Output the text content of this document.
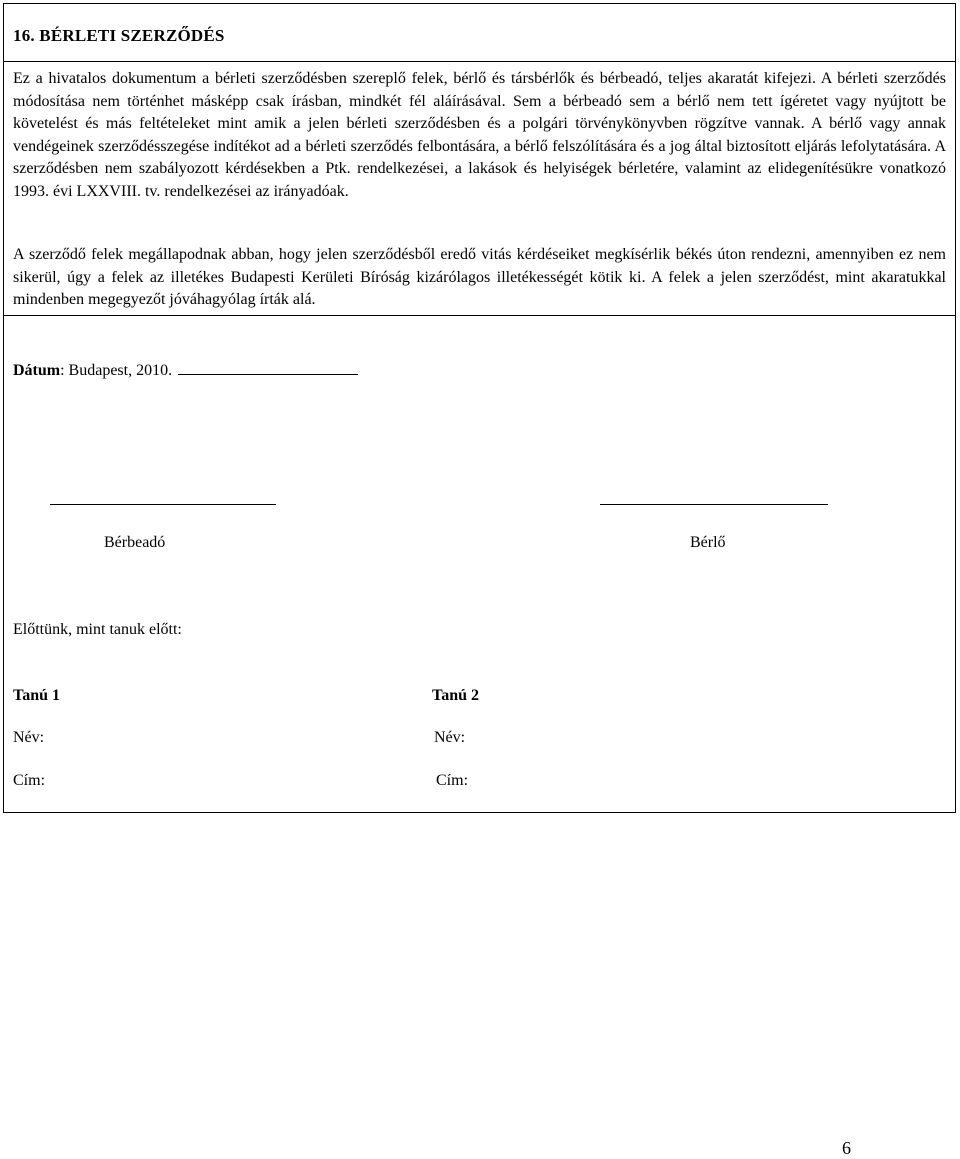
16. BÉRLETI SZERZŐDÉS

Ez a hivatalos dokumentum a bérleti szerződésben szereplő felek, bérlő és társbérlők és bérbeadó, teljes akaratát kifejezi. A bérleti szerződés módosítása nem történhet másképp csak írásban, mindkét fél aláírásával. Sem a bérbeadó sem a bérlő nem tett ígéretet vagy nyújtott be követelést és más feltételeket mint amik a jelen bérleti szerződésben és a polgári törvénykönyvben rögzítve vannak. A bérlő vagy annak vendégeinek szerződésszegése indítékot ad a bérleti szerződés felbontására, a bérlő felszólítására és a jog által biztosított eljárás lefolytatására. A szerződésben nem szabályozott kérdésekben a Ptk. rendelkezései, a lakások és helyiségek bérletére, valamint az elidegenítésükre vonatkozó 1993. évi LXXVIII. tv. rendelkezései az irányadóak.

A szerződő felek megállapodnak abban, hogy jelen szerződésből eredő vitás kérdéseiket megkísérlik békés úton rendezni, amennyiben ez nem sikerül, úgy a felek az illetékes Budapesti Kerületi Bíróság kizárólagos illetékességét kötik ki. A felek a jelen szerződést, mint akaratukkal mindenben megegyezőt jóváhagyólag írták alá.

Dátum: Budapest, 2010.

Bérbeadó	Bérlő

Előttünk, mint tanuk előtt:

Tanú 1	Tanú 2

Név:	Név:

Cím:	Cím:

6
